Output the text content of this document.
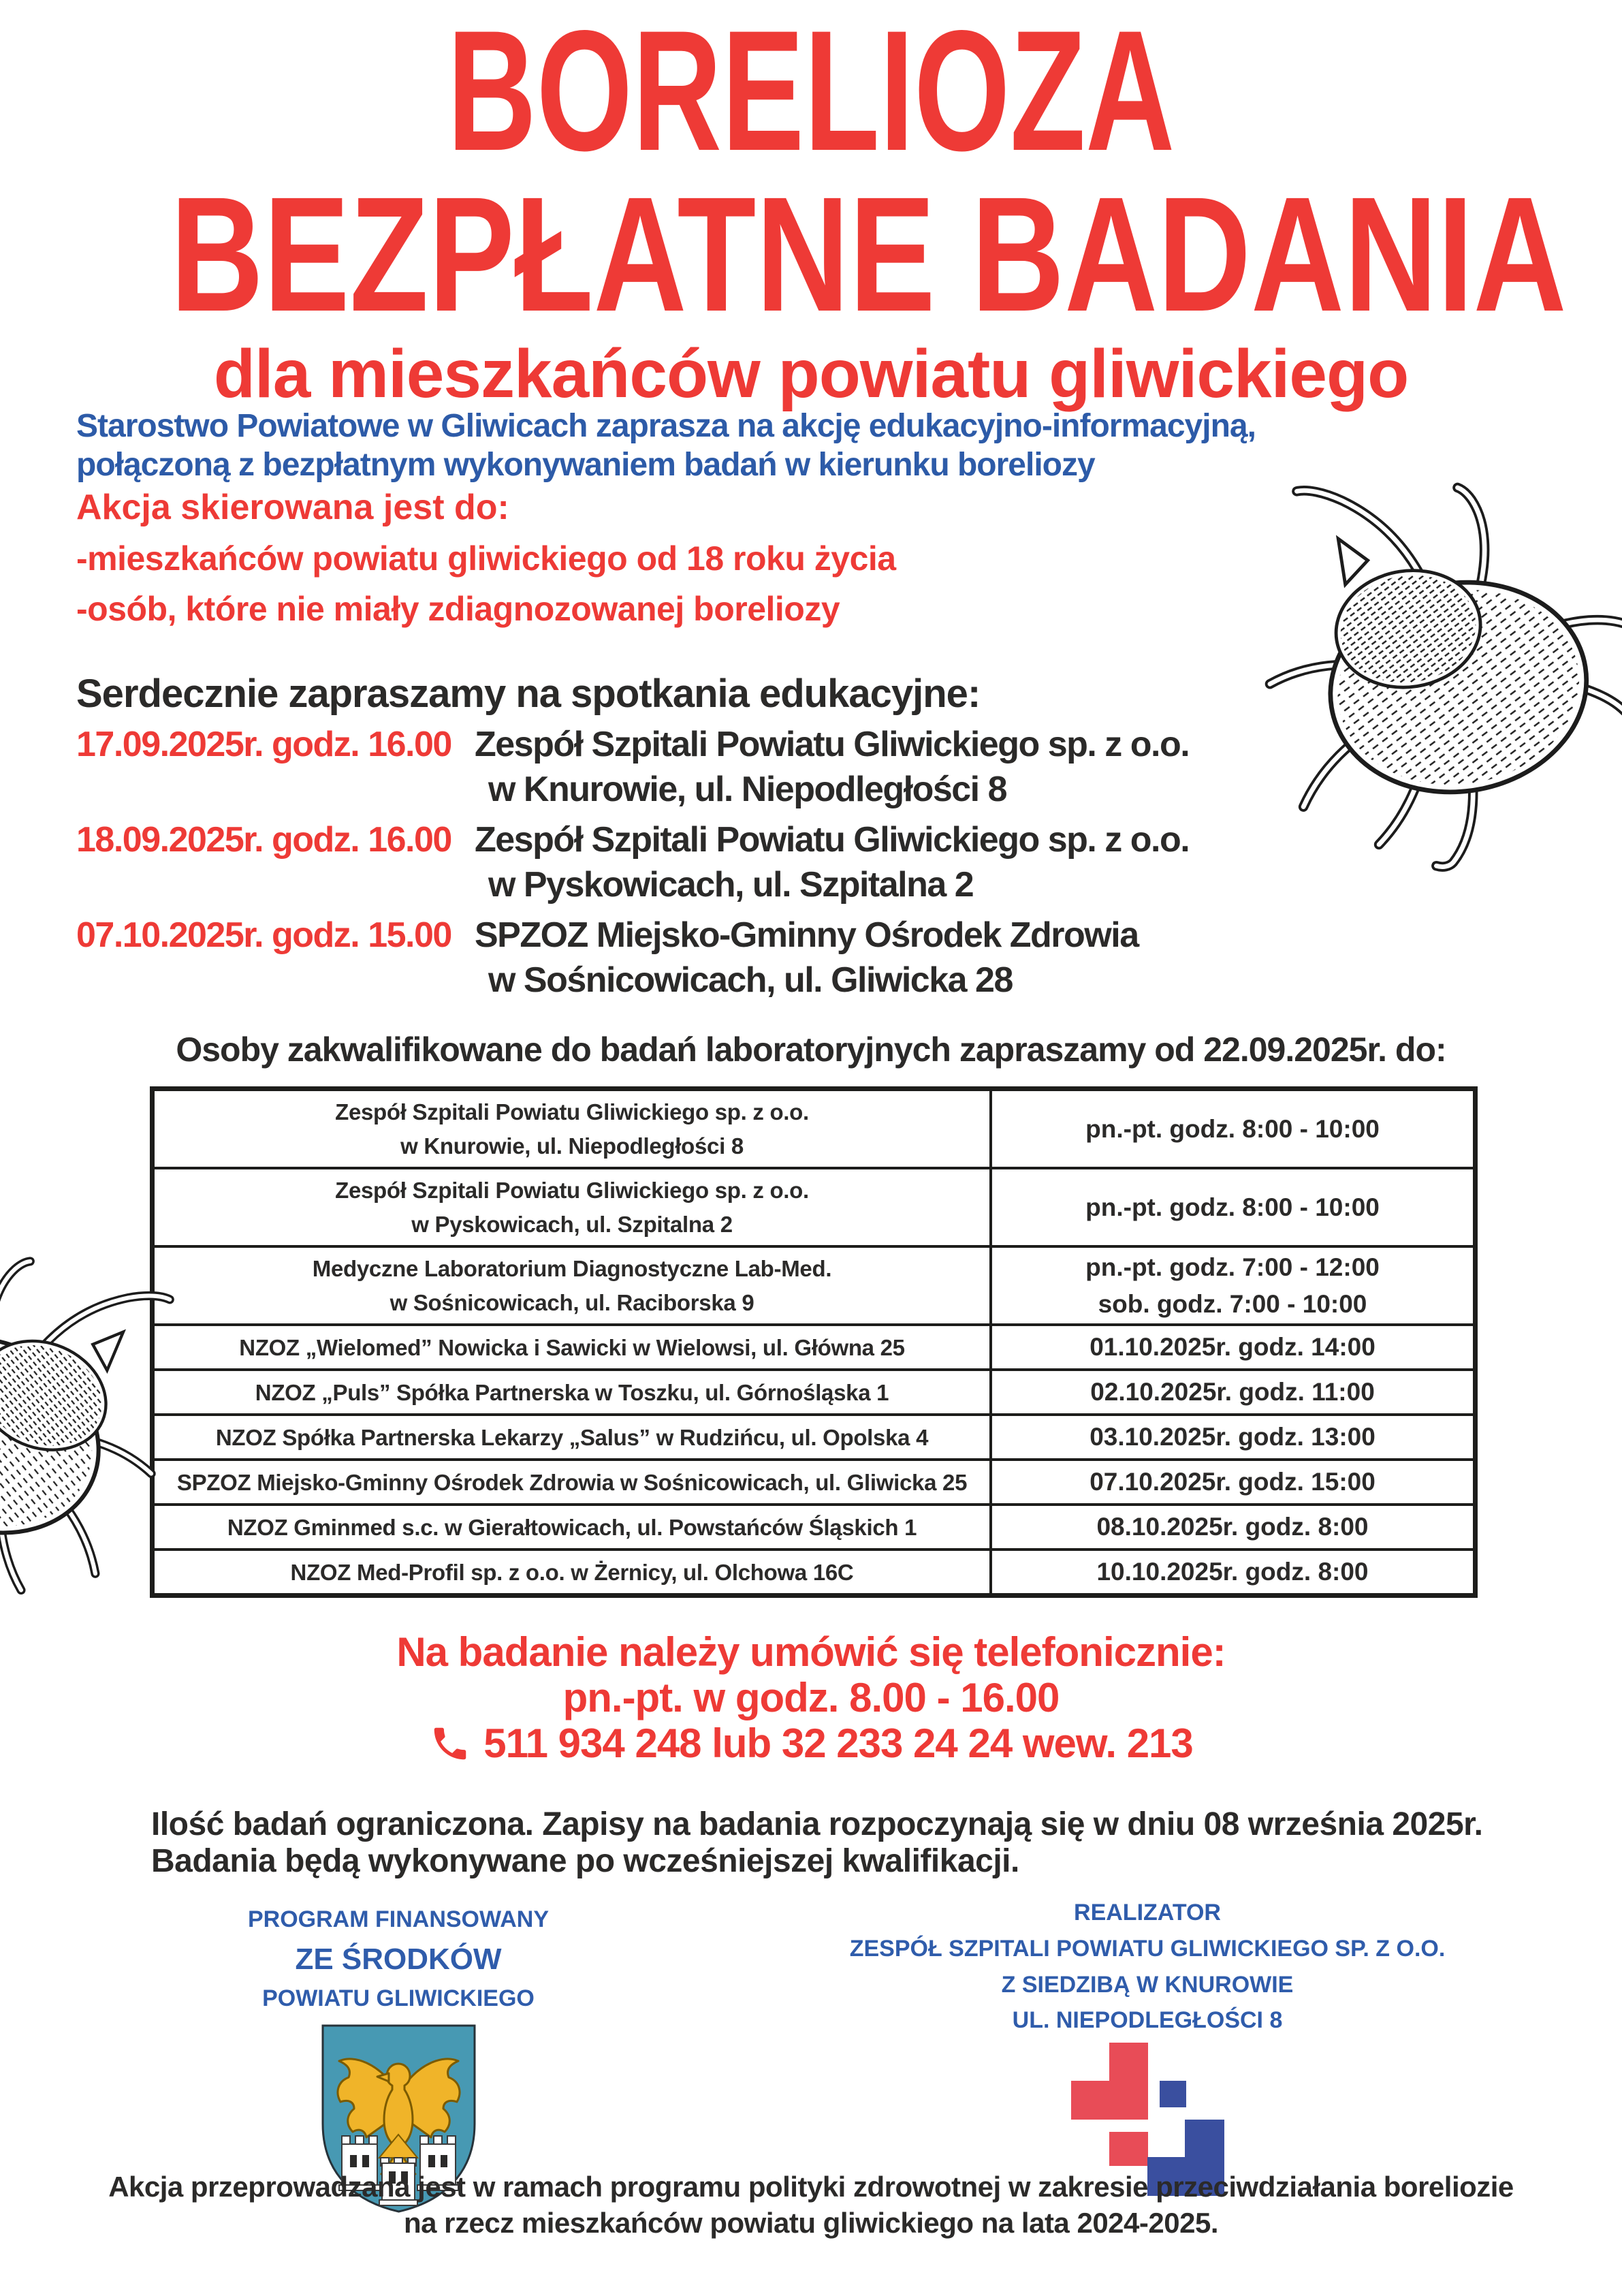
BORELIOZA
BEZPŁATNE BADANIA
dla mieszkańców powiatu gliwickiego
Starostwo Powiatowe w Gliwicach zaprasza na akcję edukacyjno-informacyjną,
połączoną z bezpłatnym wykonywaniem badań w kierunku boreliozy
Akcja skierowana jest do:
-mieszkańców powiatu gliwickiego od 18 roku życia
-osób, które nie miały zdiagnozowanej boreliozy
Serdecznie zapraszamy na spotkania edukacyjne:
17.09.2025r. godz. 16.00 Zespół Szpitali Powiatu Gliwickiego sp. z o.o.
w Knurowie, ul. Niepodległości 8
18.09.2025r. godz. 16.00 Zespół Szpitali Powiatu Gliwickiego sp. z o.o.
w Pyskowicach, ul. Szpitalna 2
07.10.2025r. godz. 15.00 SPZOZ Miejsko-Gminny Ośrodek Zdrowia
w Sośnicowicach, ul. Gliwicka 28
Osoby zakwalifikowane do badań laboratoryjnych zapraszamy od 22.09.2025r. do:
Zespół Szpitali Powiatu Gliwickiego sp. z o.o.
w Knurowie, ul. Niepodległości 8	pn.-pt. godz. 8:00 - 10:00

Zespół Szpitali Powiatu Gliwickiego sp. z o.o.
w Pyskowicach, ul. Szpitalna 2	pn.-pt. godz. 8:00 - 10:00

Medyczne Laboratorium Diagnostyczne Lab-Med.
w Sośnicowicach, ul. Raciborska 9

pn.-pt. godz. 7:00 - 12:00
sob. godz. 7:00 - 10:00

NZOZ „Wielomed” Nowicka i Sawicki w Wielowsi, ul. Główna 25	01.10.2025r. godz. 14:00

NZOZ „Puls” Spółka Partnerska w Toszku, ul. Górnośląska 1	02.10.2025r. godz. 11:00

NZOZ Spółka Partnerska Lekarzy „Salus” w Rudzińcu, ul. Opolska 4	03.10.2025r. godz. 13:00

SPZOZ Miejsko-Gminny Ośrodek Zdrowia w Sośnicowicach, ul. Gliwicka 25	07.10.2025r. godz. 15:00

NZOZ Gminmed s.c. w Gierałtowicach, ul. Powstańców Śląskich 1	08.10.2025r. godz. 8:00

NZOZ Med-Profil sp. z o.o. w Żernicy, ul. Olchowa 16C	10.10.2025r. godz. 8:00
Na badanie należy umówić się telefonicznie:
pn.-pt. w godz. 8.00 - 16.00
511 934 248 lub 32 233 24 24 wew. 213
Ilość badań ograniczona. Zapisy na badania rozpoczynają się w dniu 08 września 2025r.
Badania będą wykonywane po wcześniejszej kwalifikacji.
PROGRAM FINANSOWANY
ZE ŚRODKÓW
POWIATU GLIWICKIEGO
REALIZATOR
ZESPÓŁ SZPITALI POWIATU GLIWICKIEGO SP. Z O.O.
Z SIEDZIBĄ W KNUROWIE
UL. NIEPODLEGŁOŚCI 8
Akcja przeprowadzana jest w ramach programu polityki zdrowotnej w zakresie przeciwdziałania boreliozie
na rzecz mieszkańców powiatu gliwickiego na lata 2024-2025.
